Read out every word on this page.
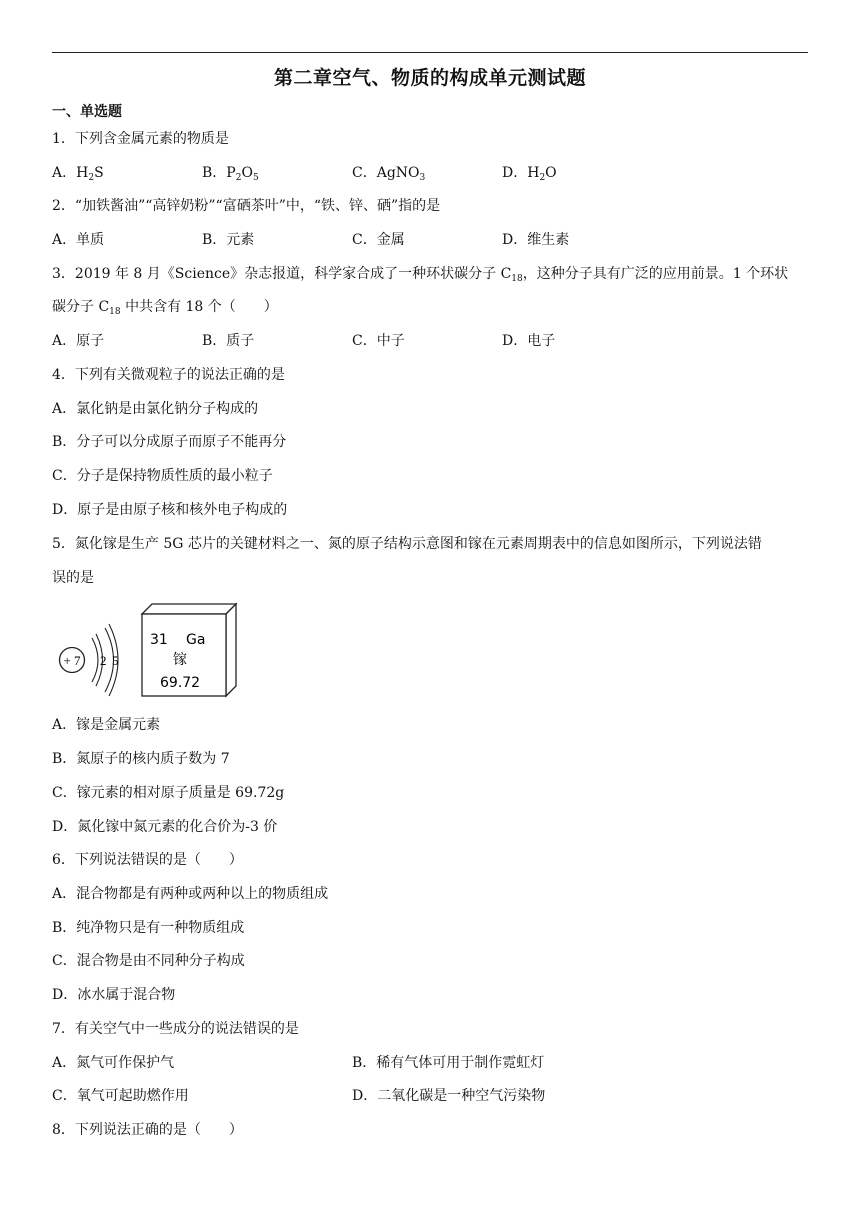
第二章空气、物质的构成单元测试题
一、单选题
1．下列含金属元素的物质是
A．$H_2S$	B．$P_2O_5$	C．AgNO$_3$	D．$H_2O$
2．“加铁酱油”“高锌奶粉”“富硒茶叶”中，“铁、锌、硒”指的是
A．单质	B．元素	C．金属	D．维生素
3．2019 年 8 月《Science》杂志报道，科学家合成了一种环状碳分子 $C_{18}$，这种分子具有广泛的应用前景。1 个环状
碳分子 $C_{18}$ 中共含有 18 个（　　）
A．原子	B．质子	C．中子	D．电子
4．下列有关微观粒子的说法正确的是
A．氯化钠是由氯化钠分子构成的
B．分子可以分成原子而原子不能再分
C．分子是保持物质性质的最小粒子
D．原子是由原子核和核外电子构成的
5．氮化镓是生产 5G 芯片的关键材料之一、氮的原子结构示意图和镓在元素周期表中的信息如图所示，下列说法错
误的是
+ 7 2 5
31 Ga
镓
69.72
A．镓是金属元素
B．氮原子的核内质子数为 7
C．镓元素的相对原子质量是 69.72g
D．氮化镓中氮元素的化合价为-3 价
6．下列说法错误的是（　　）
A．混合物都是有两种或两种以上的物质组成
B．纯净物只是有一种物质组成
C．混合物是由不同种分子构成
D．冰水属于混合物
7．有关空气中一些成分的说法错误的是
A．氮气可作保护气	B．稀有气体可用于制作霓虹灯
C．氧气可起助燃作用	D．二氧化碳是一种空气污染物
8．下列说法正确的是（　　）
